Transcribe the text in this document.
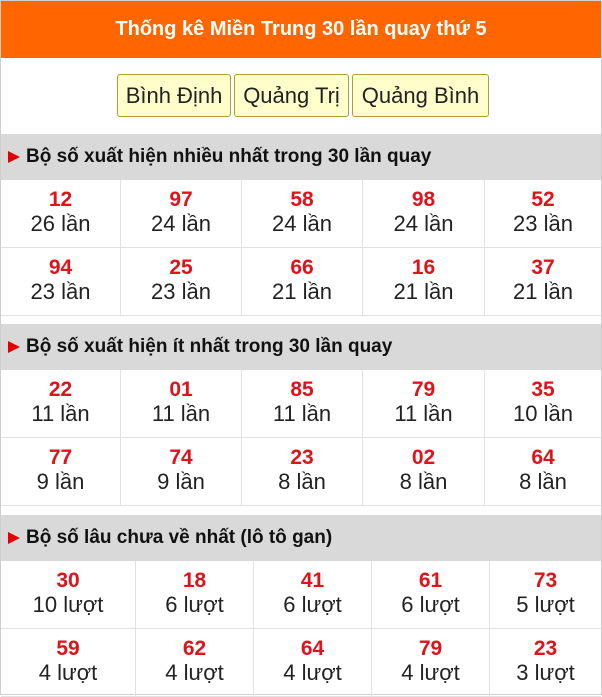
Thống kê Miền Trung 30 lần quay thứ 5
Bình Định Quảng Trị Quảng Bình
Bộ số xuất hiện nhiều nhất trong 30 lần quay
12
26 lần
97
24 lần
58
24 lần
98
24 lần
52
23 lần
94
23 lần
25
23 lần
66
21 lần
16
21 lần
37
21 lần
Bộ số xuất hiện ít nhất trong 30 lần quay
22
11 lần
01
11 lần
85
11 lần
79
11 lần
35
10 lần
77
9 lần
74
9 lần
23
8 lần
02
8 lần
64
8 lần
Bộ số lâu chưa về nhất (lô tô gan)
30
10 lượt
18
6 lượt
41
6 lượt
61
6 lượt
73
5 lượt
59
4 lượt
62
4 lượt
64
4 lượt
79
4 lượt
23
3 lượt
